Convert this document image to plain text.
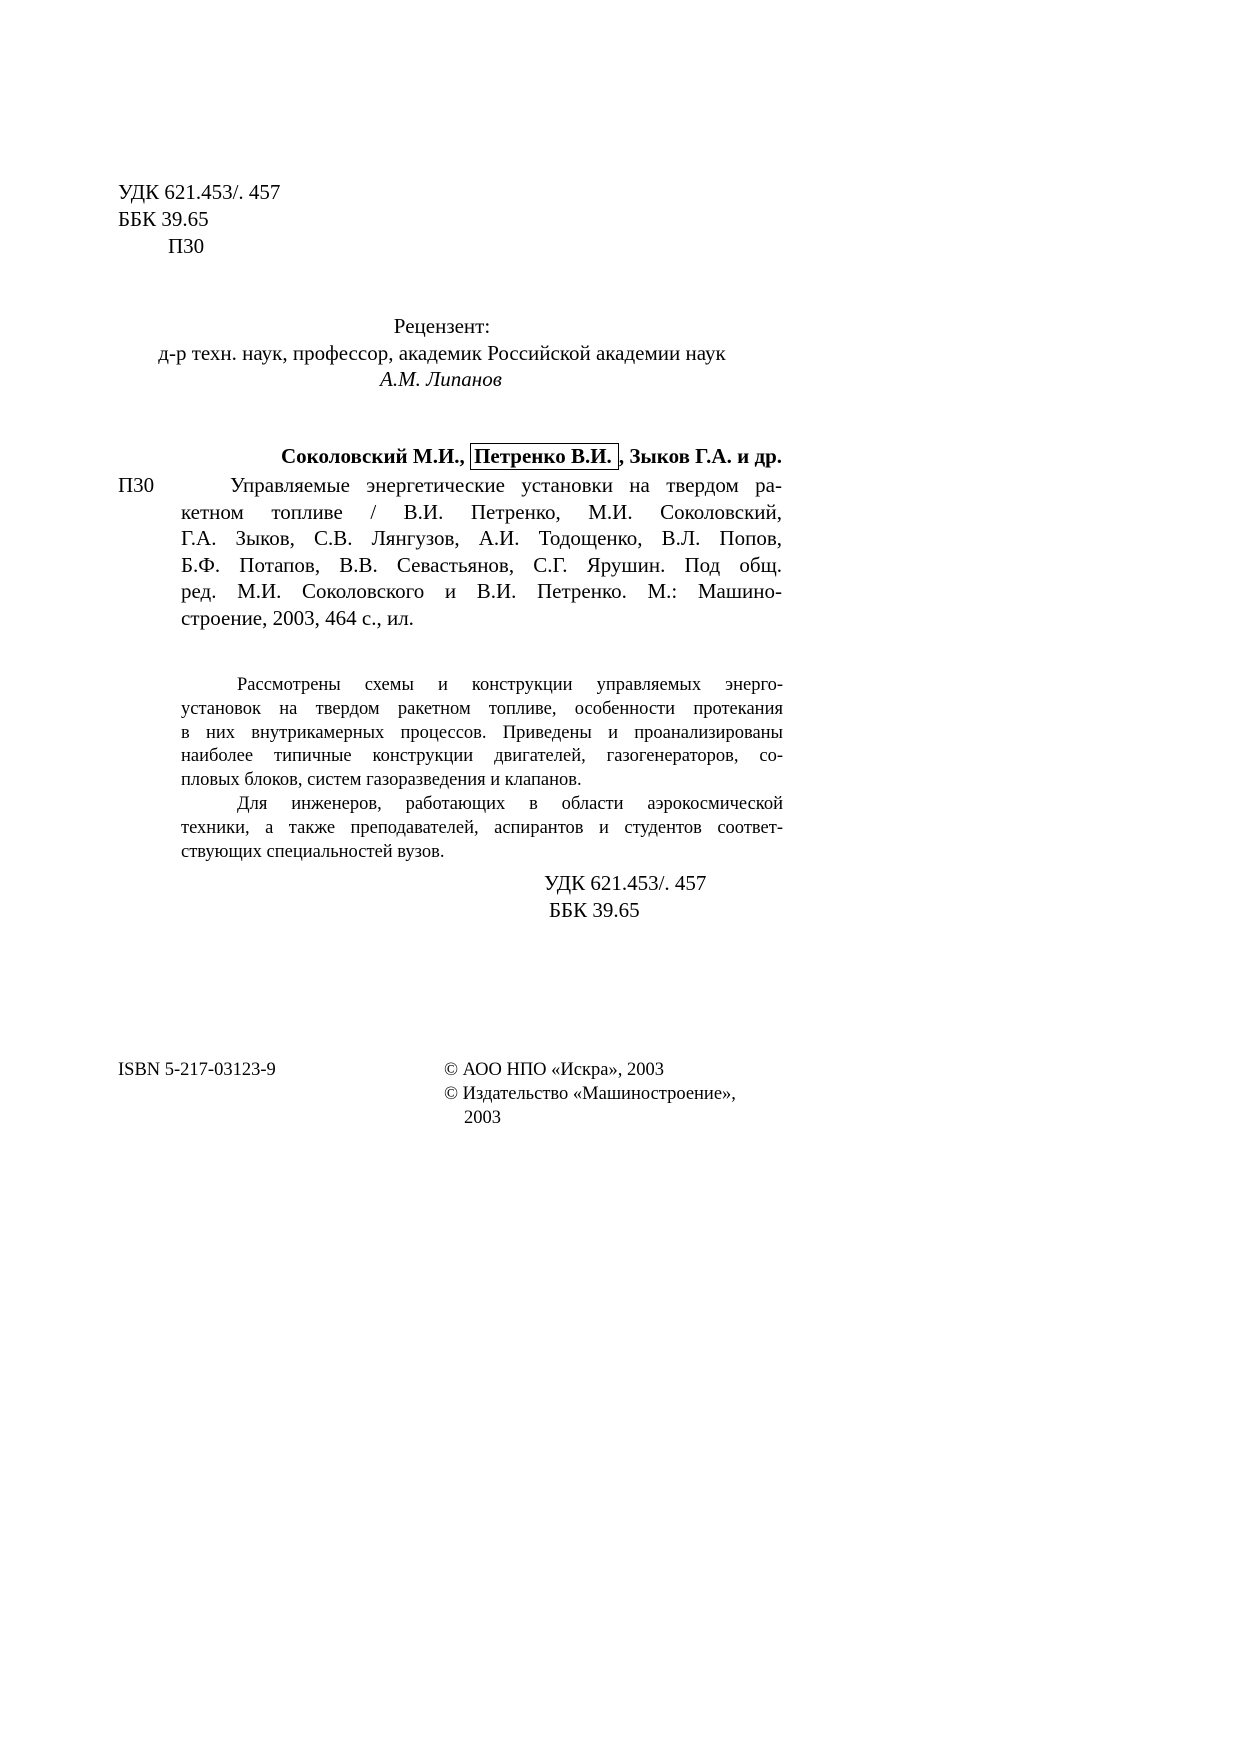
УДК 621.453/. 457
ББК 39.65
П30
Рецензент:
д-р техн. наук, профессор, академик Российской академии наук
А.М. Липанов
Соколовский М.И., Петренко В.И. , Зыков Г.А. и др.
П30	Управляемые энергетические установки на твердом ра-
кетном топливе / В.И. Петренко, М.И. Соколовский,
Г.А. Зыков, С.В. Лянгузов, А.И. Тодощенко, В.Л. Попов,
Б.Ф. Потапов, В.В. Севастьянов, С.Г. Ярушин. Под общ.
ред. М.И. Соколовского и В.И. Петренко. М.: Машино-
строение, 2003, 464 с., ил.
Рассмотрены схемы и конструкции управляемых энерго-
установок на твердом ракетном топливе, особенности протекания
в них внутрикамерных процессов. Приведены и проанализированы
наиболее типичные конструкции двигателей, газогенераторов, со-
пловых блоков, систем газоразведения и клапанов.
Для инженеров, работающих в области аэрокосмической
техники, а также преподавателей, аспирантов и студентов соответ-
ствующих специальностей вузов.
УДК 621.453/. 457
ББК 39.65
ISBN 5-217-03123-9	© АОО НПО «Искра», 2003
© Издательство «Машиностроение»,
2003
